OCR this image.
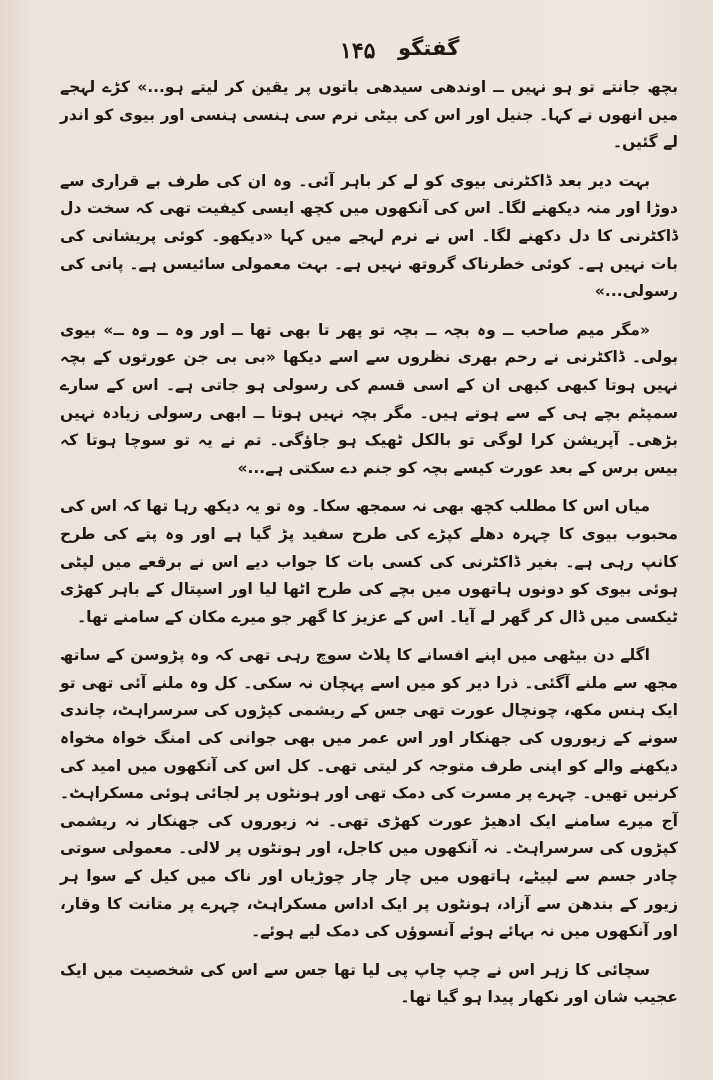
۱۴۵ گفتگو

بچھ جانتے تو ہو نہیں ــ اوندھی سیدھی باتوں پر یقین کر لیتے ہو...» کڑے لہجے میں انھوں نے کہا۔ جنیل اور اس کی بیٹی نرم سی ہنسی ہنسی اور بیوی کو اندر لے گئیں۔

بہت دیر بعد ڈاکٹرنی بیوی کو لے کر باہر آئی۔ وہ ان کی طرف بے قراری سے دوڑا اور منہ دیکھنے لگا۔ اس کی آنکھوں میں کچھ ایسی کیفیت تھی کہ سخت دل ڈاکٹرنی کا دل دکھنے لگا۔ اس نے نرم لہجے میں کہا «دیکھو۔ کوئی پریشانی کی بات نہیں ہے۔ کوئی خطرناک گروتھ نہیں ہے۔ بہت معمولی سائیسں ہے۔ پانی کی رسولی...»

«مگر میم صاحب ــ وہ بچہ ــ بچہ تو پھر تا بھی تھا ــ اور وہ ــ وہ ــ» بیوی بولی۔ ڈاکٹرنی نے رحم بھری نظروں سے اسے دیکھا «بی بی جن عورتوں کے بچہ نہیں ہوتا کبھی کبھی ان کے اسی قسم کی رسولی ہو جاتی ہے۔ اس کے سارے سمپٹم بچے ہی کے سے ہوتے ہیں۔ مگر بچہ نہیں ہوتا ــ ابھی رسولی زیادہ نہیں بڑھی۔ آپریشن کرا لوگی تو بالکل ٹھیک ہو جاؤگی۔ تم نے یہ تو سوچا ہوتا کہ بیس برس کے بعد عورت کیسے بچہ کو جنم دے سکتی ہے...»

میاں اس کا مطلب کچھ بھی نہ سمجھ سکا۔ وہ تو یہ دیکھ رہا تھا کہ اس کی محبوب بیوی کا چہرہ دھلے کپڑے کی طرح سفید پڑ گیا ہے اور وہ پتے کی طرح کانپ رہی ہے۔ بغیر ڈاکٹرنی کی کسی بات کا جواب دیے اس نے برقعے میں لپٹی ہوئی بیوی کو دونوں ہاتھوں میں بچے کی طرح اٹھا لیا اور اسپتال کے باہر کھڑی ٹیکسی میں ڈال کر گھر لے آیا۔ اس کے عزیز کا گھر جو میرے مکان کے سامنے تھا۔

اگلے دن بیٹھی میں اپنے افسانے کا پلاٹ سوچ رہی تھی کہ وہ پڑوسن کے ساتھ مجھ سے ملنے آگئی۔ ذرا دیر کو میں اسے پہچان نہ سکی۔ کل وہ ملنے آئی تھی تو ایک ہنس مکھ، چونچال عورت تھی جس کے ریشمی کپڑوں کی سرسراہٹ، چاندی سونے کے زیوروں کی جھنکار اور اس عمر میں بھی جوانی کی امنگ خواہ مخواہ دیکھنے والے کو اپنی طرف متوجہ کر لیتی تھی۔ کل اس کی آنکھوں میں امید کی کرنیں تھیں۔ چہرے پر مسرت کی دمک تھی اور ہونٹوں پر لجائی ہوئی مسکراہٹ۔ آج میرے سامنے ایک ادھیڑ عورت کھڑی تھی۔ نہ زیوروں کی جھنکار نہ ریشمی کپڑوں کی سرسراہٹ۔ نہ آنکھوں میں کاجل، اور ہونٹوں پر لالی۔ معمولی سوتی چادر جسم سے لپیٹے، ہاتھوں میں چار چار چوڑیاں اور ناک میں کیل کے سوا ہر زیور کے بندھن سے آزاد، ہونٹوں پر ایک اداس مسکراہٹ، چہرے پر متانت کا وقار، اور آنکھوں میں نہ بہائے ہوئے آنسوؤں کی دمک لیے ہوئے۔

سچائی کا زہر اس نے چپ چاپ پی لیا تھا جس سے اس کی شخصیت میں ایک عجیب شان اور نکھار پیدا ہو گیا تھا۔
